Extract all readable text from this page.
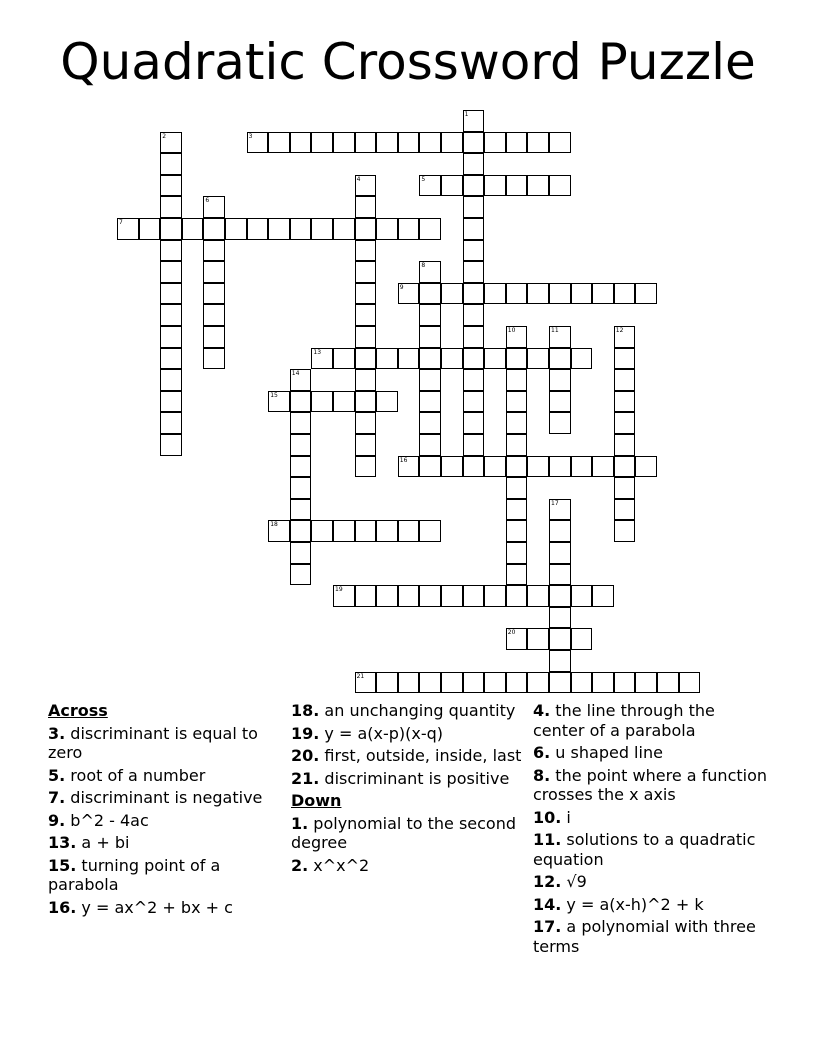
Quadratic Crossword Puzzle
3
5
7
9
13
15
16
18
19
20
21
1
2
4
6
8
10	11	12
14
17

Across

3. discriminant is equal to zero

5. root of a number

7. discriminant is negative

9. b^2 - 4ac

13. a + bi

15. turning point of a parabola

16. y = ax^2 + bx + c

18. an unchanging quantity

19. y = a(x-p)(x-q)

20. first, outside, inside, last

21. discriminant is positive

Down

1. polynomial to the second degree

2. x^x^2

4. the line through the center of a parabola

6. u shaped line

8. the point where a function crosses the x axis

10. i

11. solutions to a quadratic equation

12. √9

14. y = a(x-h)^2 + k

17. a polynomial with three terms
